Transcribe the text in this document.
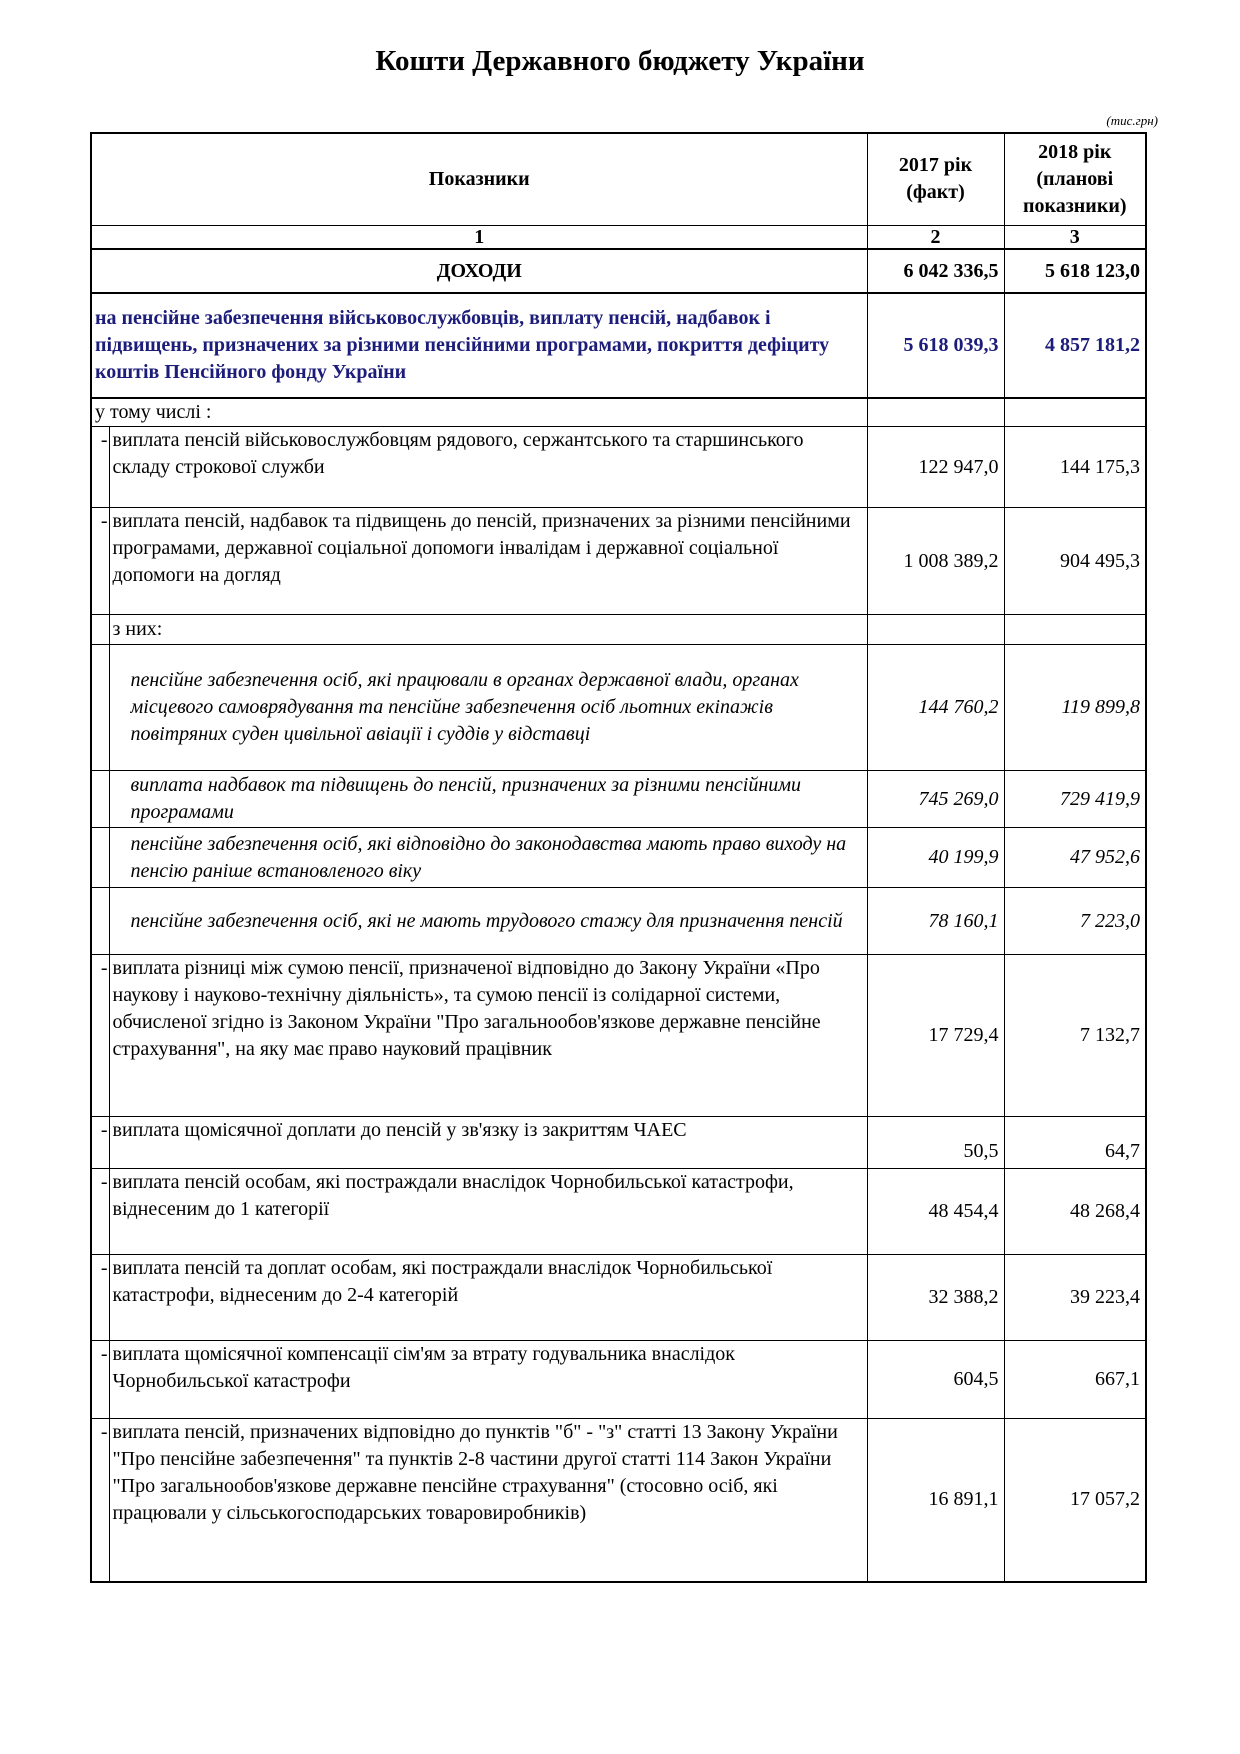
Кошти Державного бюджету України
(тис.грн)
Показники		2017 рік (факт)	2018 рік (планові показники)
1		2	3
ДОХОДИ		6 042 336,5	5 618 123,0
на пенсійне забезпечення військовослужбовців, виплату пенсій, надбавок і підвищень, призначених за різними пенсійними програмами, покриття дефіциту коштів Пенсійного фонду України		5 618 039,3	4 857 181,2
у тому числі :			
-	виплата пенсій військовослужбовцям рядового, сержантського та старшинського складу строкової служби	122 947,0	144 175,3
-	виплата пенсій, надбавок та підвищень до пенсій, призначених за різними пенсійними програмами, державної соціальної допомоги інвалідам і державної соціальної допомоги на догляд	1 008 389,2	904 495,3
	з них:		
	пенсійне забезпечення осіб, які працювали в органах державної влади, органах місцевого самоврядування та пенсійне забезпечення осіб льотних екіпажів повітряних суден цивільної авіації і суддів у відставці	144 760,2	119 899,8
	виплата надбавок та підвищень до пенсій, призначених за різними пенсійними програмами	745 269,0	729 419,9
	пенсійне забезпечення осіб, які відповідно до законодавства мають право виходу на пенсію раніше встановленого віку	40 199,9	47 952,6
	пенсійне забезпечення осіб, які не мають трудового стажу для призначення пенсій	78 160,1	7 223,0
-	виплата різниці між сумою пенсії, призначеної відповідно до Закону України «Про наукову і науково-технічну діяльність», та сумою пенсії із солідарної системи, обчисленої згідно із Законом України "Про загальнообов'язкове державне пенсійне страхування", на яку має право науковий працівник	17 729,4	7 132,7
-	виплата щомісячної доплати до пенсій у зв'язку із закриттям ЧАЕС	50,5	64,7
-	виплата пенсій особам, які постраждали внаслідок Чорнобильської катастрофи, віднесеним до 1 категорії	48 454,4	48 268,4
-	виплата пенсій та доплат особам, які постраждали внаслідок Чорнобильської катастрофи, віднесеним до 2-4 категорій	32 388,2	39 223,4
-	виплата щомісячної компенсації сім'ям за втрату годувальника внаслідок Чорнобильської катастрофи	604,5	667,1
-	виплата пенсій, призначених відповідно до пунктів "б" - "з" статті 13 Закону України "Про пенсійне забезпечення" та пунктів 2-8 частини другої статті 114 Закон України "Про загальнообов'язкове державне пенсійне страхування" (стосовно осіб, які працювали у сільськогосподарських товаровиробників)	16 891,1	17 057,2
